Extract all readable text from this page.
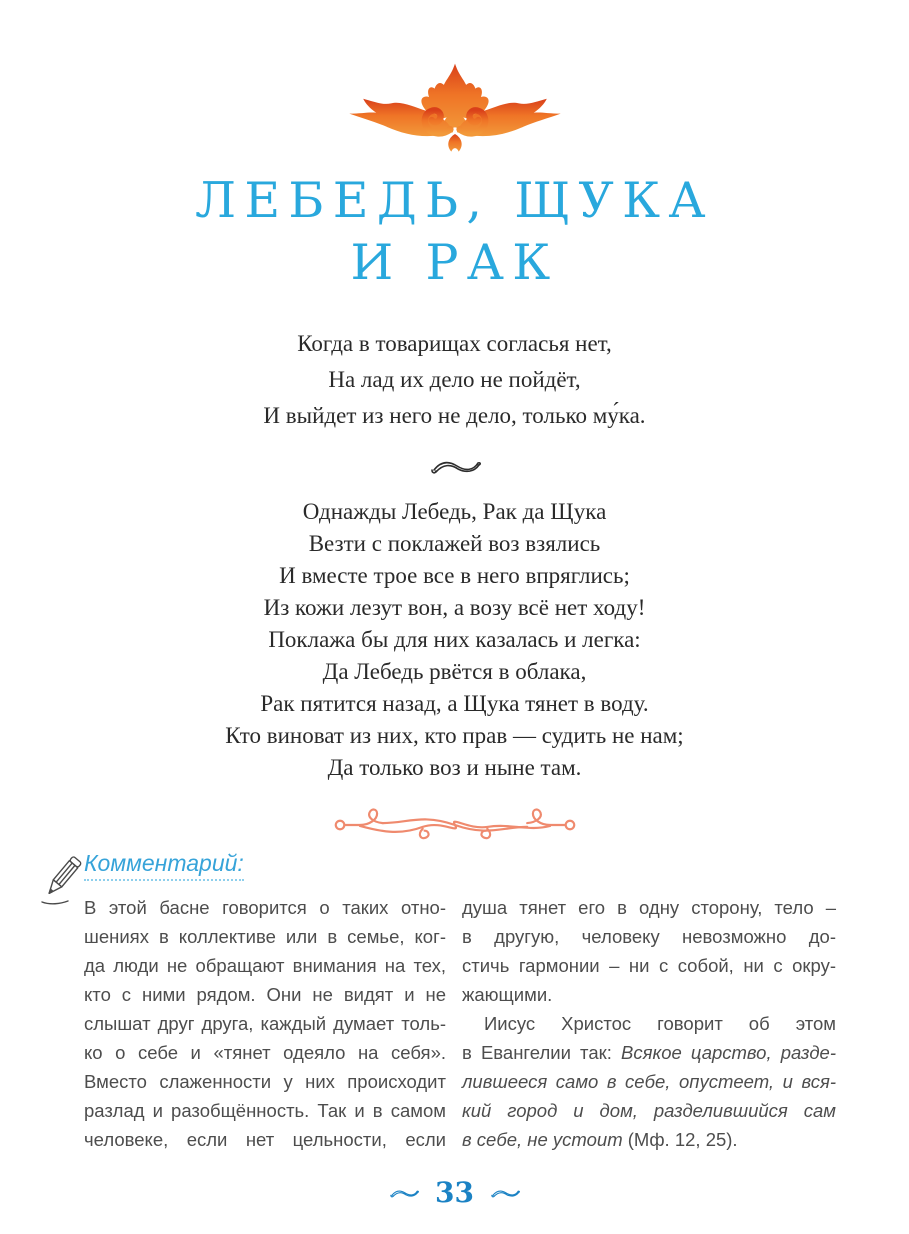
ЛЕБЕДЬ, ЩУКА
И РАК
Когда в товарищах согласья нет,
На лад их дело не пойдёт,
И выйдет из него не дело, только му́ка.
Однажды Лебедь, Рак да Щука
Везти с поклажей воз взялись
И вместе трое все в него впряглись;
Из кожи лезут вон, а возу всё нет ходу!
Поклажа бы для них казалась и легка:
Да Лебедь рвётся в облака,
Рак пятится назад, а Щука тянет в воду.
Кто виноват из них, кто прав — судить не нам;
Да только воз и ныне там.
Комментарий:
В этой басне говорится о таких отно-
шениях в коллективе или в семье, ког-
да люди не обращают внимания на тех,
кто с ними рядом. Они не видят и не
слышат друг друга, каждый думает толь-
ко о себе и «тянет одеяло на себя».
Вместо слаженности у них происходит
разлад и разобщённость. Так и в самом
человеке, если нет цельности, если
душа тянет его в одну сторону, тело –
в другую, человеку невозможно до-
стичь гармонии – ни с собой, ни с окру-
жающими.
Иисус Христос говорит об этом
в Евангелии так: Всякое царство, разде-
лившееся само в себе, опустеет, и вся-
кий город и дом, разделившийся сам
в себе, не устоит (Мф. 12, 25).
33
